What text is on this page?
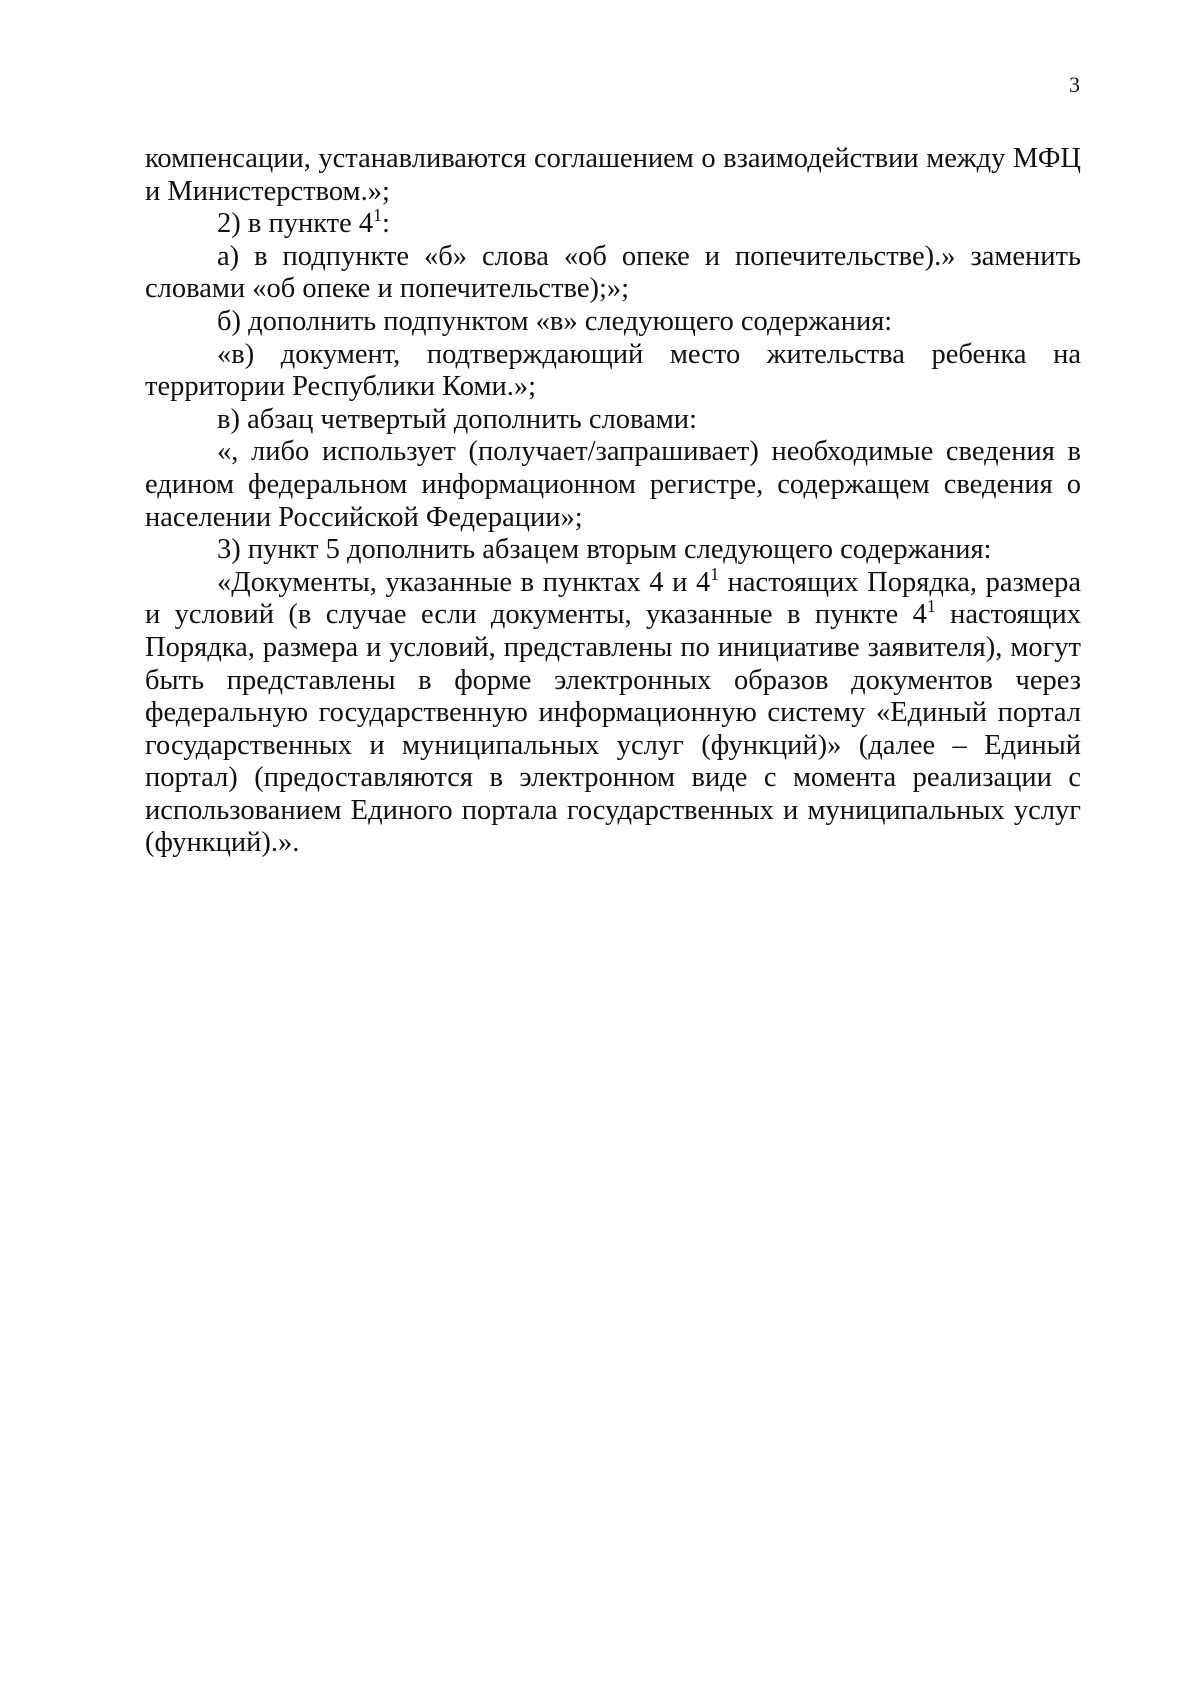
3

компенсации, устанавливаются соглашением о взаимодействии между МФЦ и Министерством.»;

2) в пункте $4^1$:

а) в подпункте «б» слова «об опеке и попечительстве).» заменить словами «об опеке и попечительстве);»;

б) дополнить подпунктом «в» следующего содержания:

«в) документ, подтверждающий место жительства ребенка на территории Республики Коми.»;

в) абзац четвертый дополнить словами:

«, либо использует (получает/запрашивает) необходимые сведения в едином федеральном информационном регистре, содержащем сведения о населении Российской Федерации»;

3) пункт 5 дополнить абзацем вторым следующего содержания:

«Документы, указанные в пунктах 4 и $4^1$ настоящих Порядка, размера и условий (в случае если документы, указанные в пункте $4^1$ настоящих Порядка, размера и условий, представлены по инициативе заявителя), могут быть представлены в форме электронных образов документов через федеральную государственную информационную систему «Единый портал государственных и муниципальных услуг (функций)» (далее – Единый портал) (предоставляются в электронном виде с момента реализации с использованием Единого портала государственных и муниципальных услуг (функций).».
